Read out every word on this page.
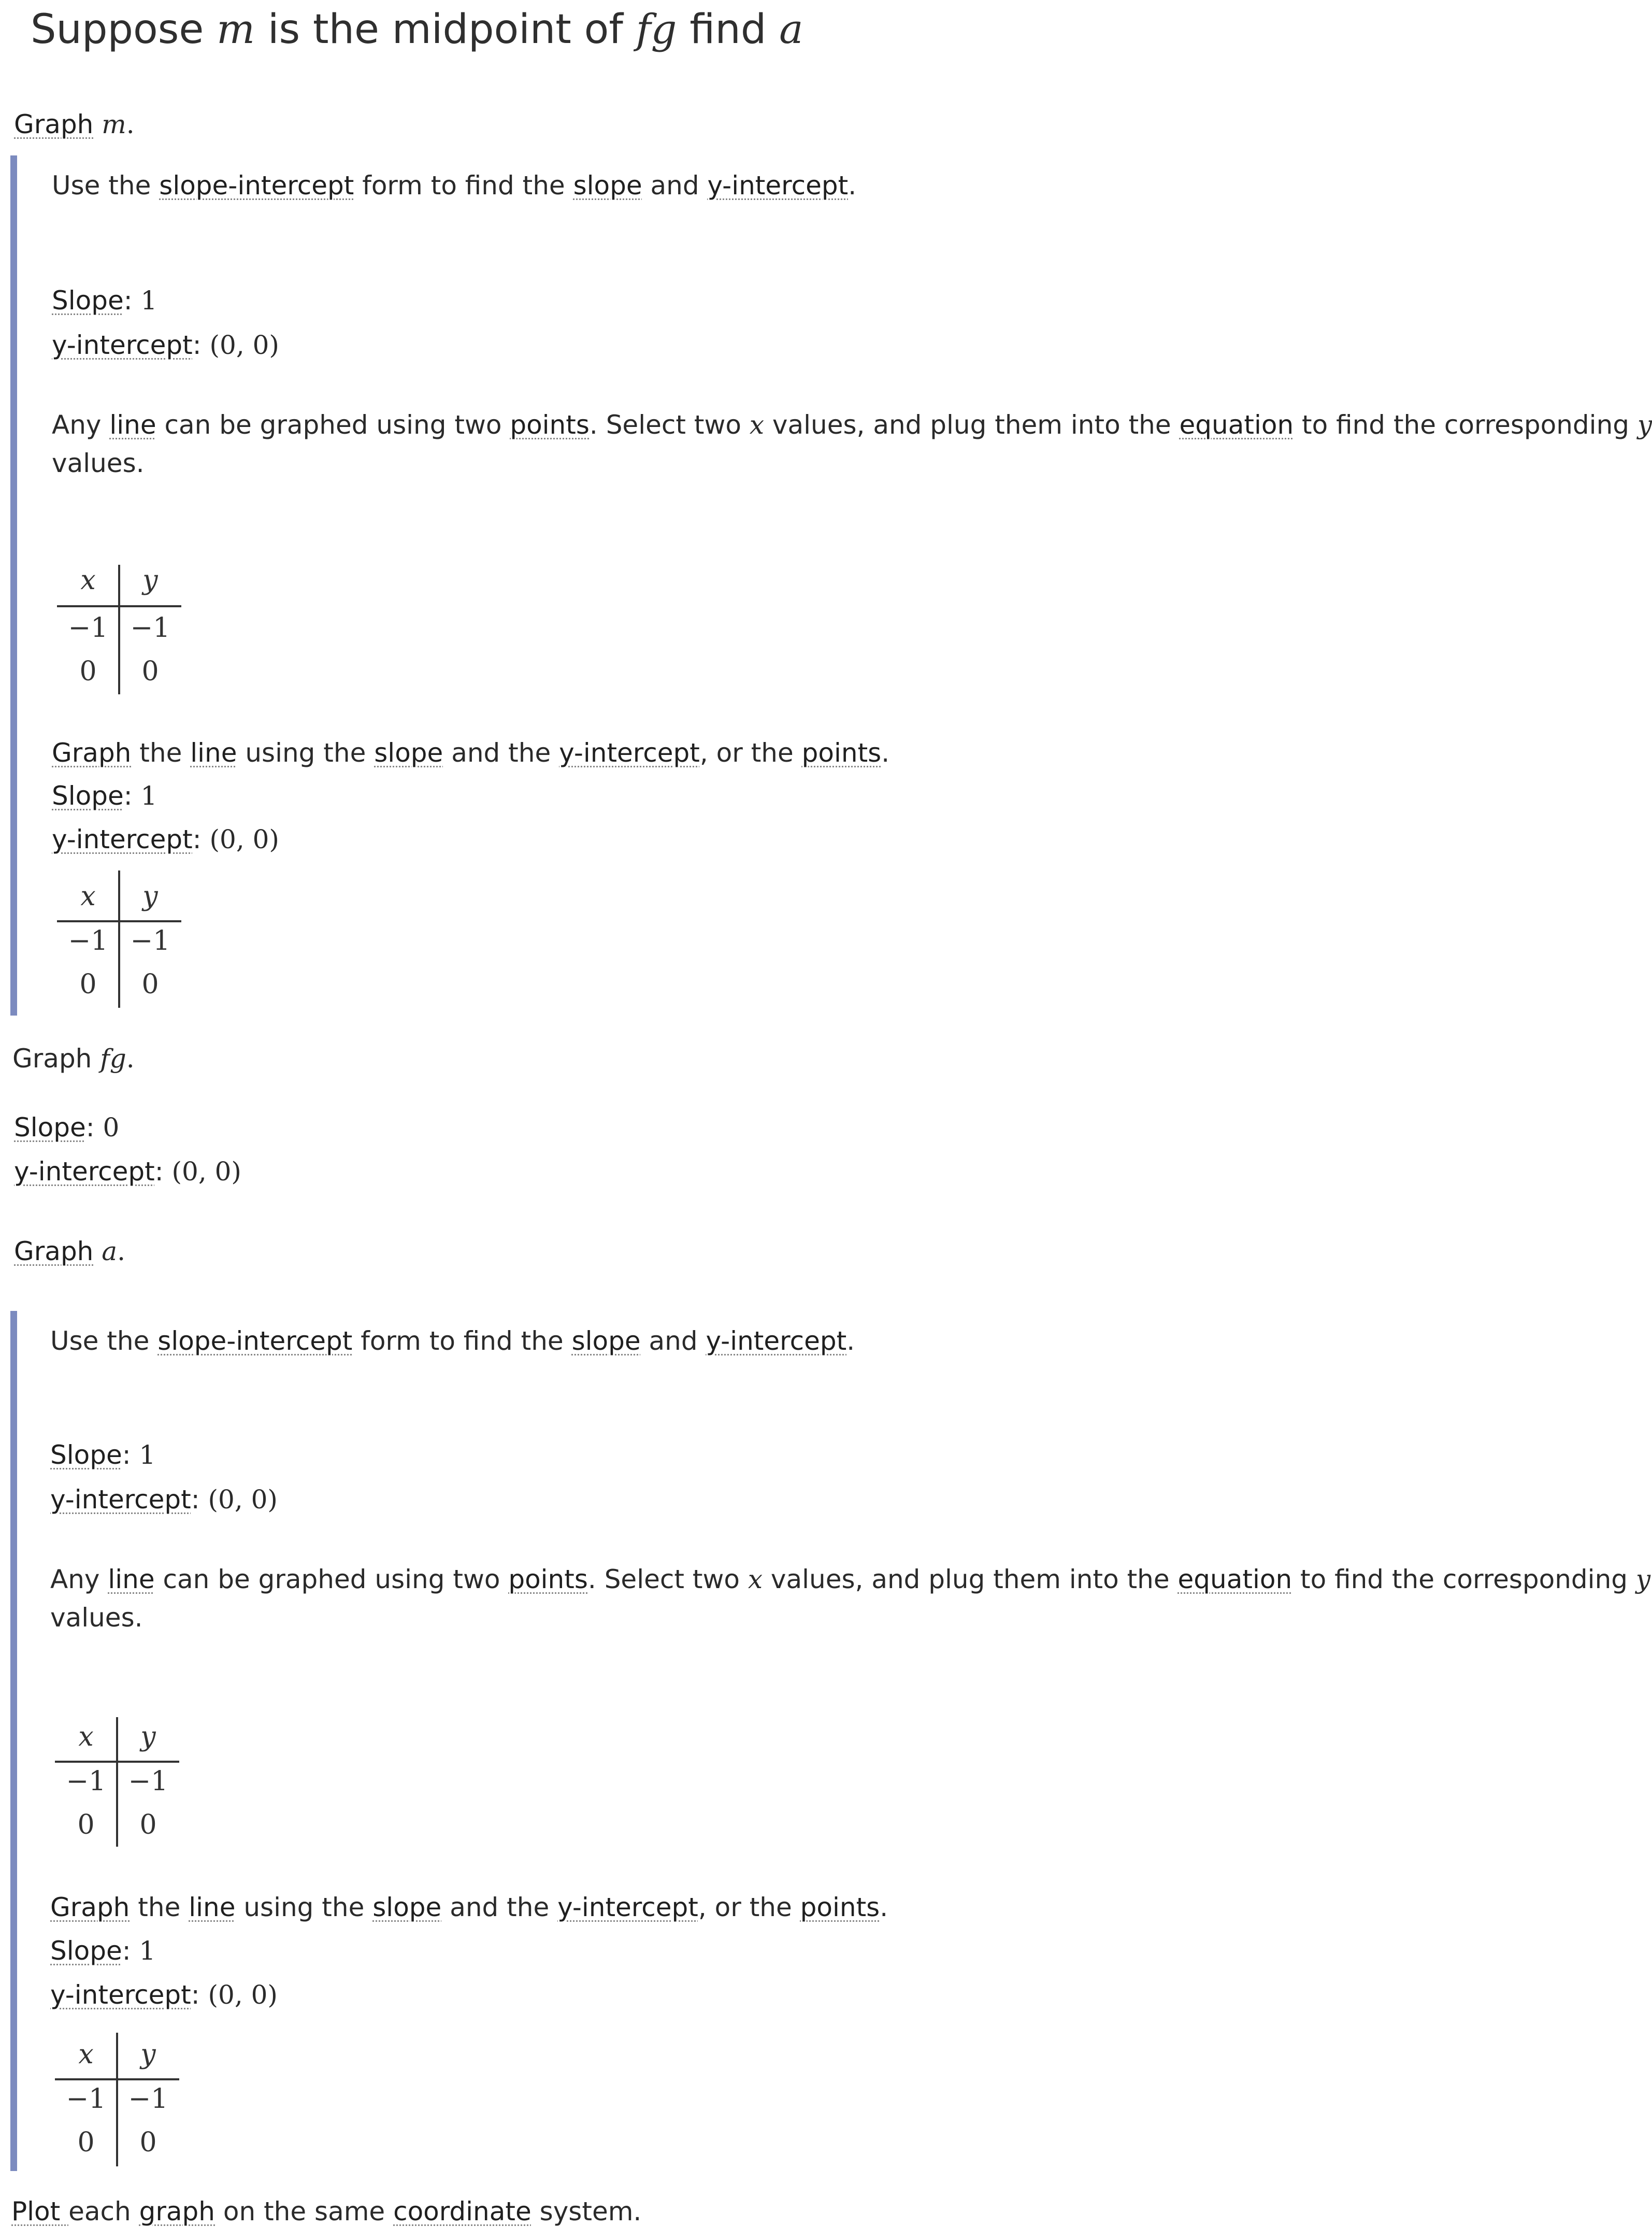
Suppose m is the midpoint of fg find a
Graph m.
Use the slope-intercept form to find the slope and y-intercept.
Slope: 1
y-intercept: (0, 0)
Any line can be graphed using two points. Select two x values, and plug them into the equation to find the corresponding y
values.
x	y
−1 −1
0	0
Graph the line using the slope and the y-intercept, or the points.
Slope: 1
y-intercept: (0, 0)
x	y
−1 −1
0	0
Graph fg.
Slope: 0
y-intercept: (0, 0)
Graph a.
Use the slope-intercept form to find the slope and y-intercept.
Slope: 1
y-intercept: (0, 0)
Any line can be graphed using two points. Select two x values, and plug them into the equation to find the corresponding y
values.
x	y
−1 −1
0	0
Graph the line using the slope and the y-intercept, or the points.
Slope: 1
y-intercept: (0, 0)
x	y
−1 −1
0	0
Plot each graph on the same coordinate system.
